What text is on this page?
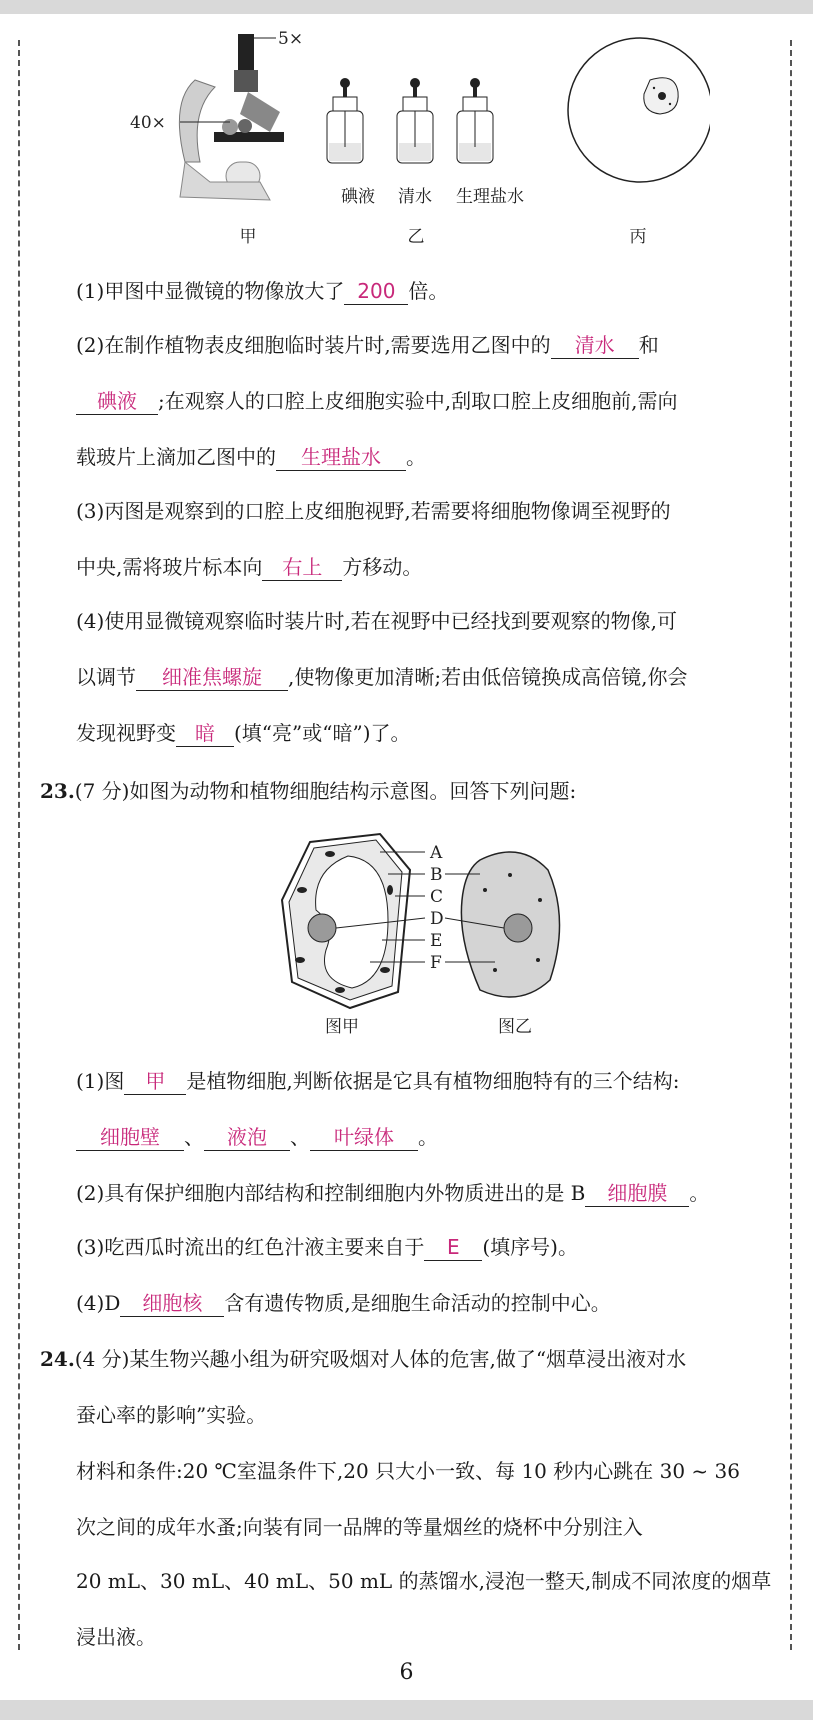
5×
40×
碘液 清水 生理盐水
甲	乙	丙
(1)甲图中显微镜的物像放大了 200 倍。
(2)在制作植物表皮细胞临时装片时,需要选用乙图中的 清水 和
碘液 ;在观察人的口腔上皮细胞实验中,刮取口腔上皮细胞前,需向
载玻片上滴加乙图中的 生理盐水 。
(3)丙图是观察到的口腔上皮细胞视野,若需要将细胞物像调至视野的
中央,需将玻片标本向 右上 方移动。
(4)使用显微镜观察临时装片时,若在视野中已经找到要观察的物像,可
以调节 细准焦螺旋 ,使物像更加清晰;若由低倍镜换成高倍镜,你会
发现视野变 暗 (填“亮”或“暗”)了。
23.(7 分)如图为动物和植物细胞结构示意图。回答下列问题:
A
B
C
D
E
F
图甲	图乙
(1)图 甲 是植物细胞,判断依据是它具有植物细胞特有的三个结构:
细胞壁 、 液泡 、 叶绿体 。
(2)具有保护细胞内部结构和控制细胞内外物质进出的是 B 细胞膜 。
(3)吃西瓜时流出的红色汁液主要来自于 E (填序号)。
(4)D 细胞核 含有遗传物质,是细胞生命活动的控制中心。
24.(4 分)某生物兴趣小组为研究吸烟对人体的危害,做了“烟草浸出液对水
蚕心率的影响”实验。
材料和条件:20 ℃室温条件下,20 只大小一致、每 10 秒内心跳在 30 ~ 36
次之间的成年水蚤;向装有同一品牌的等量烟丝的烧杯中分别注入
20 mL、30 mL、40 mL、50 mL 的蒸馏水,浸泡一整天,制成不同浓度的烟草
浸出液。
6
